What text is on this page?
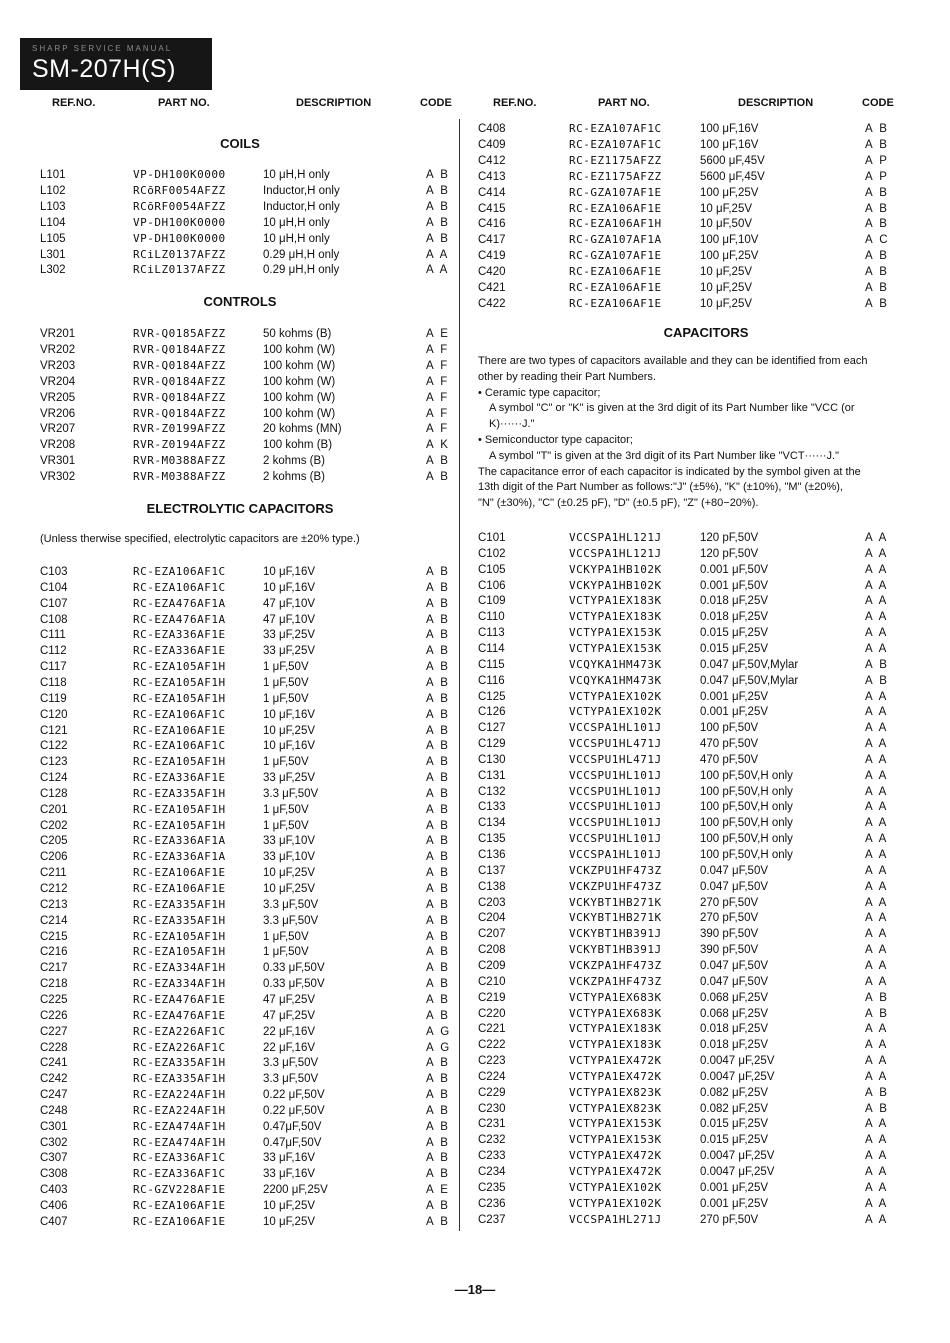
SHARP SERVICE MANUAL
SM-207H(S)
REF.NO.	PART NO.	DESCRIPTION	CODE
COILS
L101	VP-DH100K0000	10 μH,H only	A B
L102	RCōRF0054AFZZ	Inductor,H only	A B
L103	RCōRF0054AFZZ	Inductor,H only	A B
L104	VP-DH100K0000	10 μH,H only	A B
L105	VP-DH100K0000	10 μH,H only	A B
L301	RCiLZ0137AFZZ	0.29 μH,H only	A A
L302	RCiLZ0137AFZZ	0.29 μH,H only	A A
CONTROLS
VR201	RVR-Q0185AFZZ	50 kohms (B)	A E
VR202	RVR-Q0184AFZZ	100 kohm (W)	A F
VR203	RVR-Q0184AFZZ	100 kohm (W)	A F
VR204	RVR-Q0184AFZZ	100 kohm (W)	A F
VR205	RVR-Q0184AFZZ	100 kohm (W)	A F
VR206	RVR-Q0184AFZZ	100 kohm (W)	A F
VR207	RVR-Z0199AFZZ	20 kohms (MN)	A F
VR208	RVR-Z0194AFZZ	100 kohm (B)	A K
VR301	RVR-M0388AFZZ	2 kohms (B)	A B
VR302	RVR-M0388AFZZ	2 kohms (B)	A B
ELECTROLYTIC CAPACITORS
(Unless therwise specified, electrolytic capacitors are ±20% type.)
C103	RC-EZA106AF1C	10 μF,16V	A B
C104	RC-EZA106AF1C	10 μF,16V	A B
C107	RC-EZA476AF1A	47 μF,10V	A B
C108	RC-EZA476AF1A	47 μF,10V	A B
C111	RC-EZA336AF1E	33 μF,25V	A B
C112	RC-EZA336AF1E	33 μF,25V	A B
C117	RC-EZA105AF1H	1 μF,50V	A B
C118	RC-EZA105AF1H	1 μF,50V	A B
C119	RC-EZA105AF1H	1 μF,50V	A B
C120	RC-EZA106AF1C	10 μF,16V	A B
C121	RC-EZA106AF1E	10 μF,25V	A B
C122	RC-EZA106AF1C	10 μF,16V	A B
C123	RC-EZA105AF1H	1 μF,50V	A B
C124	RC-EZA336AF1E	33 μF,25V	A B
C128	RC-EZA335AF1H	3.3 μF,50V	A B
C201	RC-EZA105AF1H	1 μF,50V	A B
C202	RC-EZA105AF1H	1 μF,50V	A B
C205	RC-EZA336AF1A	33 μF,10V	A B
C206	RC-EZA336AF1A	33 μF,10V	A B
C211	RC-EZA106AF1E	10 μF,25V	A B
C212	RC-EZA106AF1E	10 μF,25V	A B
C213	RC-EZA335AF1H	3.3 μF,50V	A B
C214	RC-EZA335AF1H	3.3 μF,50V	A B
C215	RC-EZA105AF1H	1 μF,50V	A B
C216	RC-EZA105AF1H	1 μF,50V	A B
C217	RC-EZA334AF1H	0.33 μF,50V	A B
C218	RC-EZA334AF1H	0.33 μF,50V	A B
C225	RC-EZA476AF1E	47 μF,25V	A B
C226	RC-EZA476AF1E	47 μF,25V	A B
C227	RC-EZA226AF1C	22 μF,16V	A G
C228	RC-EZA226AF1C	22 μF,16V	A G
C241	RC-EZA335AF1H	3.3 μF,50V	A B
C242	RC-EZA335AF1H	3.3 μF,50V	A B
C247	RC-EZA224AF1H	0.22 μF,50V	A B
C248	RC-EZA224AF1H	0.22 μF,50V	A B
C301	RC-EZA474AF1H	0.47μF,50V	A B
C302	RC-EZA474AF1H	0.47μF,50V	A B
C307	RC-EZA336AF1C	33 μF,16V	A B
C308	RC-EZA336AF1C	33 μF,16V	A B
C403	RC-GZV228AF1E	2200 μF,25V	A E
C406	RC-EZA106AF1E	10 μF,25V	A B
C407	RC-EZA106AF1E	10 μF,25V	A B
REF.NO.	PART NO.	DESCRIPTION	CODE
C408	RC-EZA107AF1C	100 μF,16V	A B
C409	RC-EZA107AF1C	100 μF,16V	A B
C412	RC-EZ1175AFZZ	5600 μF,45V	A P
C413	RC-EZ1175AFZZ	5600 μF,45V	A P
C414	RC-GZA107AF1E	100 μF,25V	A B
C415	RC-EZA106AF1E	10 μF,25V	A B
C416	RC-EZA106AF1H	10 μF,50V	A B
C417	RC-GZA107AF1A	100 μF,10V	A C
C419	RC-GZA107AF1E	100 μF,25V	A B
C420	RC-EZA106AF1E	10 μF,25V	A B
C421	RC-EZA106AF1E	10 μF,25V	A B
C422	RC-EZA106AF1E	10 μF,25V	A B
CAPACITORS
There are two types of capacitors available and they can be identified from each
other by reading their Part Numbers.
• Ceramic type capacitor;
A symbol "C" or "K" is given at the 3rd digit of its Part Number like "VCC (or
K)······J."
• Semiconductor type capacitor;
A symbol "T" is given at the 3rd digit of its Part Number like "VCT······J."
The capacitance error of each capacitor is indicated by the symbol given at the
13th digit of the Part Number as follows:"J" (±5%), "K" (±10%), "M" (±20%),
"N" (±30%), "C" (±0.25 pF), "D" (±0.5 pF), "Z" (+80−20%).
C101	VCCSPA1HL121J	120 pF,50V	A A
C102	VCCSPA1HL121J	120 pF,50V	A A
C105	VCKYPA1HB102K	0.001 μF,50V	A A
C106	VCKYPA1HB102K	0.001 μF,50V	A A
C109	VCTYPA1EX183K	0.018 μF,25V	A A
C110	VCTYPA1EX183K	0.018 μF,25V	A A
C113	VCTYPA1EX153K	0.015 μF,25V	A A
C114	VCTYPA1EX153K	0.015 μF,25V	A A
C115	VCQYKA1HM473K	0.047 μF,50V,Mylar	A B
C116	VCQYKA1HM473K	0.047 μF,50V,Mylar	A B
C125	VCTYPA1EX102K	0.001 μF,25V	A A
C126	VCTYPA1EX102K	0.001 μF,25V	A A
C127	VCCSPA1HL101J	100 pF,50V	A A
C129	VCCSPU1HL471J	470 pF,50V	A A
C130	VCCSPU1HL471J	470 pF,50V	A A
C131	VCCSPU1HL101J	100 pF,50V,H only	A A
C132	VCCSPU1HL101J	100 pF,50V,H only	A A
C133	VCCSPU1HL101J	100 pF,50V,H only	A A
C134	VCCSPU1HL101J	100 pF,50V,H only	A A
C135	VCCSPU1HL101J	100 pF,50V,H only	A A
C136	VCCSPA1HL101J	100 pF,50V,H only	A A
C137	VCKZPU1HF473Z	0.047 μF,50V	A A
C138	VCKZPU1HF473Z	0.047 μF,50V	A A
C203	VCKYBT1HB271K	270 pF,50V	A A
C204	VCKYBT1HB271K	270 pF,50V	A A
C207	VCKYBT1HB391J	390 pF,50V	A A
C208	VCKYBT1HB391J	390 pF,50V	A A
C209	VCKZPA1HF473Z	0.047 μF,50V	A A
C210	VCKZPA1HF473Z	0.047 μF,50V	A A
C219	VCTYPA1EX683K	0.068 μF,25V	A B
C220	VCTYPA1EX683K	0.068 μF,25V	A B
C221	VCTYPA1EX183K	0.018 μF,25V	A A
C222	VCTYPA1EX183K	0.018 μF,25V	A A
C223	VCTYPA1EX472K	0.0047 μF,25V	A A
C224	VCTYPA1EX472K	0.0047 μF,25V	A A
C229	VCTYPA1EX823K	0.082 μF,25V	A B
C230	VCTYPA1EX823K	0.082 μF,25V	A B
C231	VCTYPA1EX153K	0.015 μF,25V	A A
C232	VCTYPA1EX153K	0.015 μF,25V	A A
C233	VCTYPA1EX472K	0.0047 μF,25V	A A
C234	VCTYPA1EX472K	0.0047 μF,25V	A A
C235	VCTYPA1EX102K	0.001 μF,25V	A A
C236	VCTYPA1EX102K	0.001 μF,25V	A A
C237	VCCSPA1HL271J	270 pF,50V	A A
—18—
